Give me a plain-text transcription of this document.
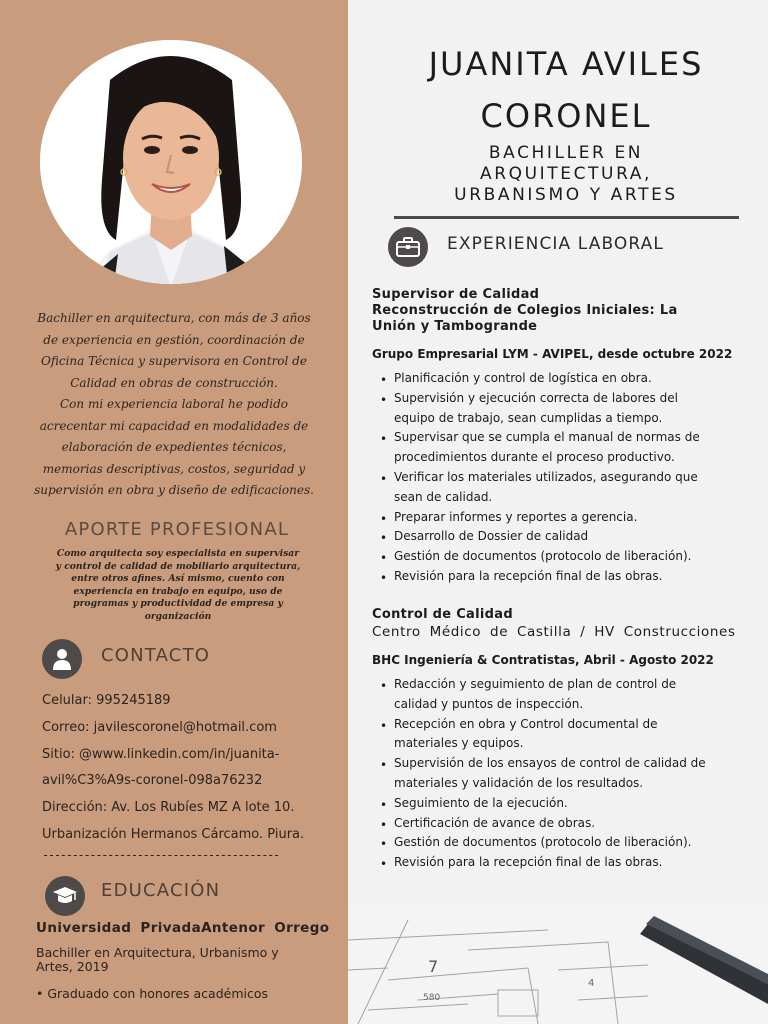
Bachiller en arquitectura, con más de 3 años
de experiencia en gestión, coordinación de
Oficina Técnica y supervisora en Control de
Calidad en obras de construcción.
Con mi experiencia laboral he podido
acrecentar mi capacidad en modalidades de
elaboración de expedientes técnicos,
memorias descriptivas, costos, seguridad y
supervisión en obra y diseño de edificaciones.
APORTE PROFESIONAL
Como arquitecta soy especialista en supervisar
y control de calidad de mobiliario arquitectura,
entre otros afines. Así mismo, cuento con
experiencia en trabajo en equipo, uso de
programas y productividad de empresa y
organización
CONTACTO
Celular: 995245189
Correo: javilescoronel@hotmail.com
Sitio: @www.linkedin.com/in/juanita-
avil%C3%A9s-coronel-098a76232
Dirección: Av. Los Rubíes MZ A lote 10.
Urbanización Hermanos Cárcamo. Piura.
----------------------------------------
EDUCACIÓN
Universidad PrivadaAntenor Orrego
Bachiller en Arquitectura, Urbanismo y
Artes, 2019
• Graduado con honores académicos
JUANITA AVILES
CORONEL
BACHILLER EN
ARQUITECTURA,
URBANISMO Y ARTES
EXPERIENCIA LABORAL
Supervisor de Calidad
Reconstrucción de Colegios Iniciales: La
Unión y Tambogrande
Grupo Empresarial LYM - AVIPEL, desde octubre 2022
• Planificación y control de logística en obra.
• Supervisión y ejecución correcta de labores del
equipo de trabajo, sean cumplidas a tiempo.
• Supervisar que se cumpla el manual de normas de
procedimientos durante el proceso productivo.
• Verificar los materiales utilizados, asegurando que
sean de calidad.
• Preparar informes y reportes a gerencia.
• Desarrollo de Dossier de calidad
• Gestión de documentos (protocolo de liberación).
• Revisión para la recepción final de las obras.
Control de Calidad
Centro Médico de Castilla / HV Construcciones
BHC Ingeniería & Contratistas, Abril - Agosto 2022
• Redacción y seguimiento de plan de control de
calidad y puntos de inspección.
• Recepción en obra y Control documental de
materiales y equipos.
• Supervisión de los ensayos de control de calidad de
materiales y validación de los resultados.
• Seguimiento de la ejecución.
• Certificación de avance de obras.
• Gestión de documentos (protocolo de liberación).
• Revisión para la recepción final de las obras.
7
580
4
